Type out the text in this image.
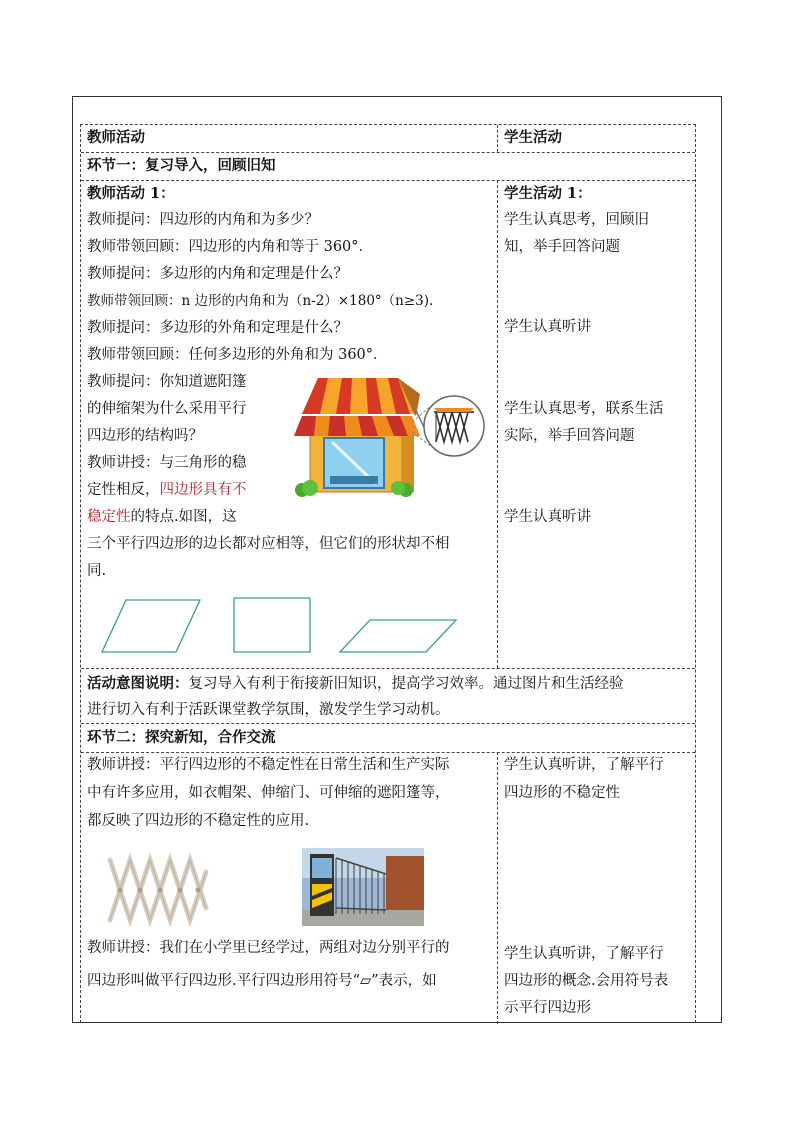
教师活动	学生活动
环节一：复习导入，回顾旧知
教师活动 1：
教师提问：四边形的内角和为多少？
教师带领回顾：四边形的内角和等于 360°．
教师提问：多边形的内角和定理是什么？
教师带领回顾：n 边形的内角和为（n-2）×180°（n≥3).
教师提问：多边形的外角和定理是什么？
教师带领回顾：任何多边形的外角和为 360°．
教师提问：你知道遮阳篷
的伸缩架为什么采用平行
四边形的结构吗？
教师讲授：与三角形的稳
定性相反，四边形具有不
稳定性的特点.如图，这
三个平行四边形的边长都对应相等，但它们的形状却不相
同.
学生活动 1：
学生认真思考，回顾旧
知，举手回答问题
学生认真听讲
学生认真思考，联系生活
实际，举手回答问题
学生认真听讲
活动意图说明：复习导入有利于衔接新旧知识，提高学习效率。通过图片和生活经验
进行切入有利于活跃课堂教学氛围，激发学生学习动机。
环节二：探究新知，合作交流
教师讲授：平行四边形的不稳定性在日常生活和生产实际
中有许多应用，如衣帽架、伸缩门、可伸缩的遮阳篷等，
都反映了四边形的不稳定性的应用.
教师讲授：我们在小学里已经学过，两组对边分别平行的
四边形叫做平行四边形.平行四边形用符号“▱”表示，如
学生认真听讲，了解平行
四边形的不稳定性
学生认真听讲，了解平行
四边形的概念.会用符号表
示平行四边形
